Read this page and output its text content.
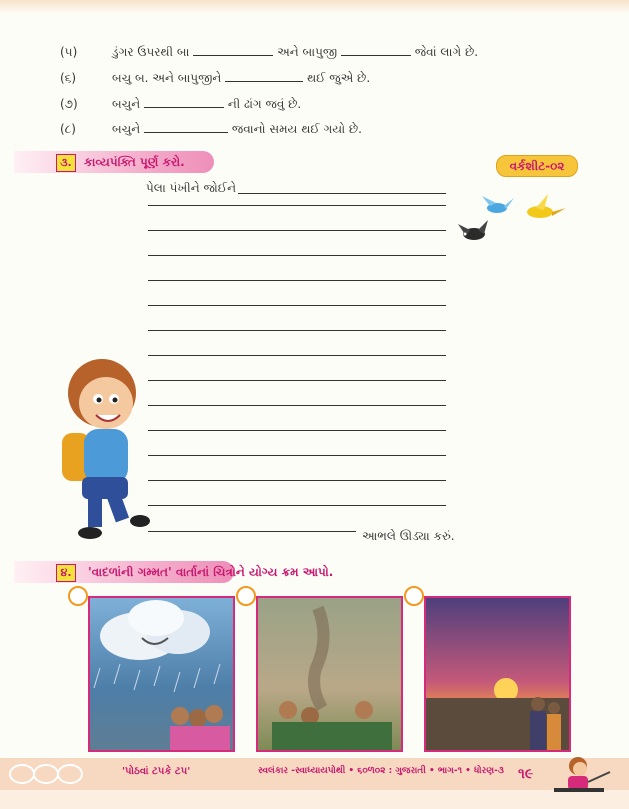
(૫)	ડુંગર ઉપરથી બા	અને બાપુજી	જેવાં લાગે છે.
(૬)	બચુ બ. અને બાપુજીને	થઈ જુએ છે.
(૭)	બચુને	ની ઢાંગ જવું છે.
(૮)	બચુને	જવાનો સમય થઈ ગયો છે.
૩.	કાવ્યપંક્તિ પૂર્ણ કરો.	વર્કશીટ-૦૨
પેલા પંખીને જોઈને
આભલે ઊડ્યા કરું.
૪.	'વાદળાંની ગમ્મત' વાર્તાનાં ચિત્રોને યોગ્ય ક્રમ આપો.
'પોઠવાં ટપકે ટપ'	સ્વલંકાર -સ્વાધ્યાયપોથી • ૬૦ળ૦૨ : ગુજરાતી • ભાગ-૧ • ધોરણ-૩ ૧૯
